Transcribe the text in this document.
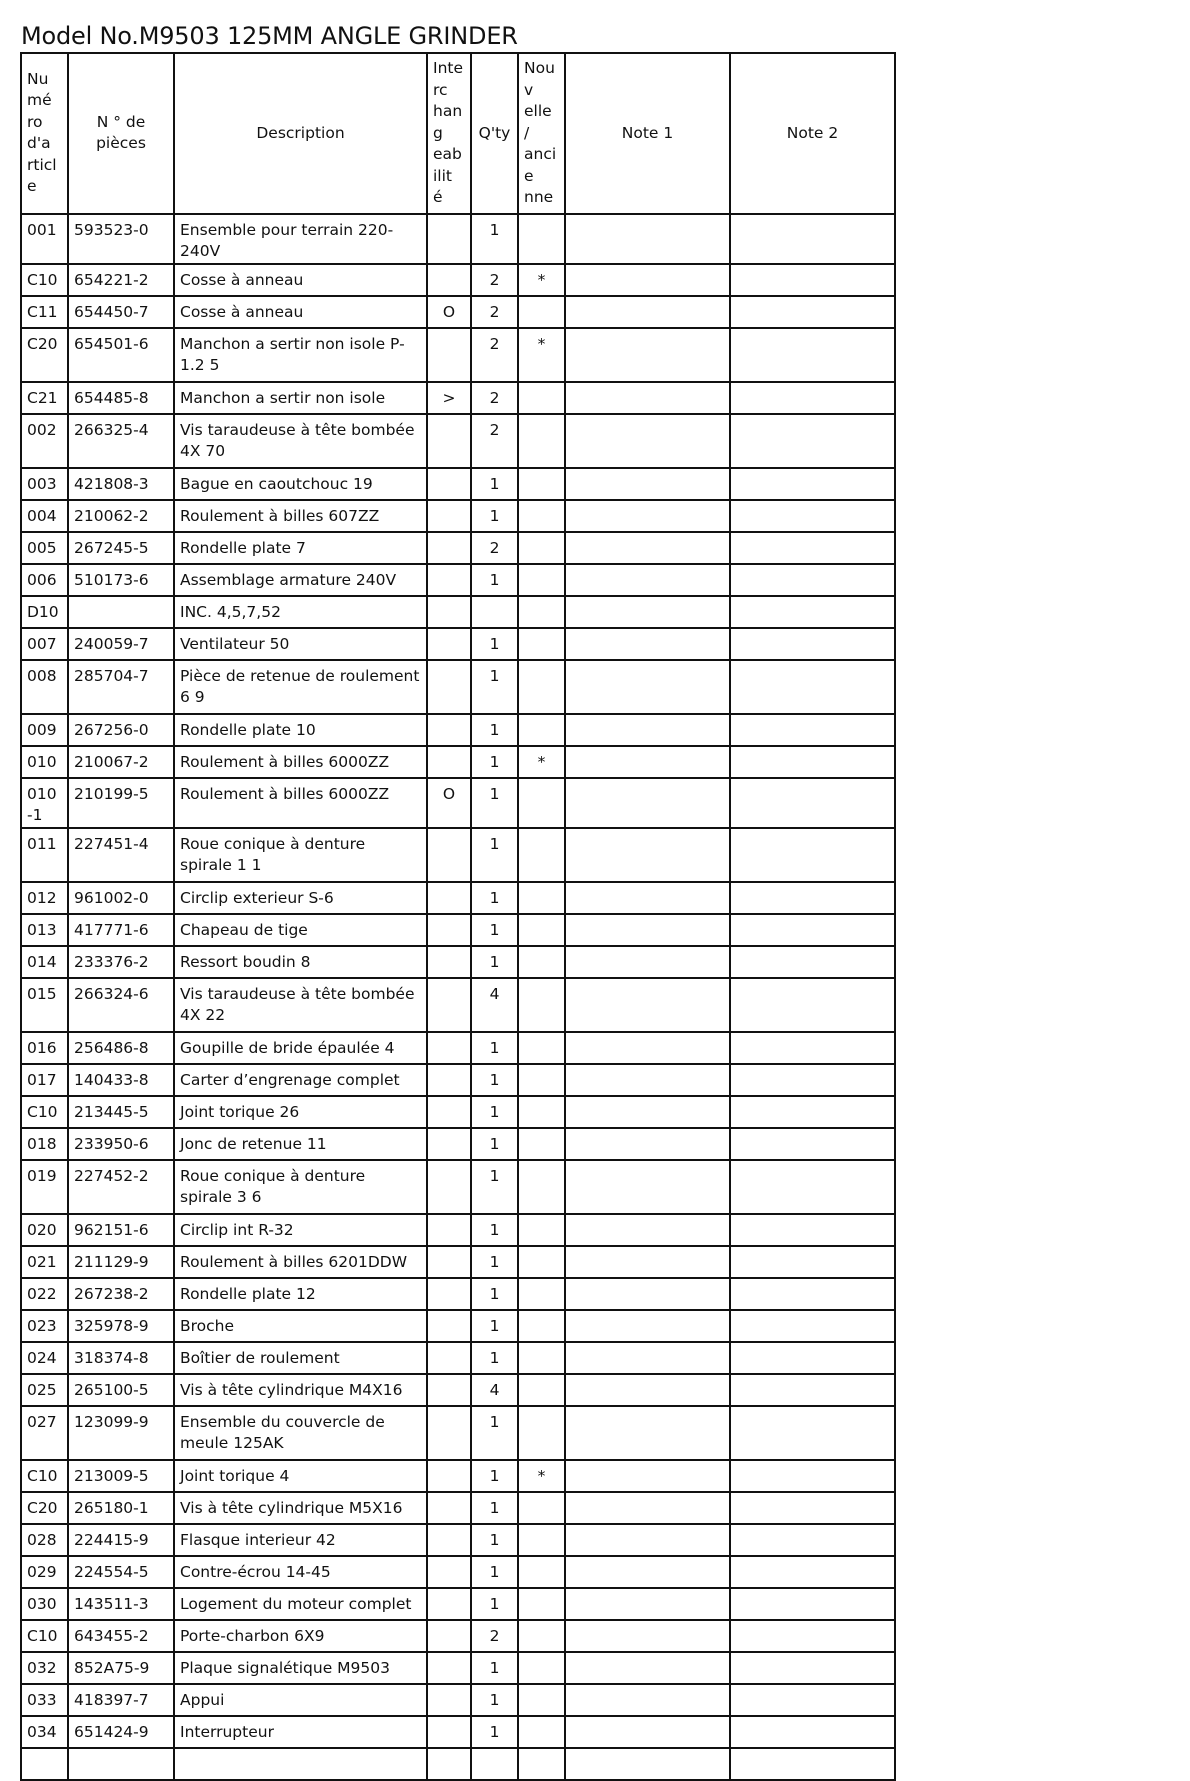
Model No.M9503 125MM ANGLE GRINDER
Numé ro d'a rticle	N ° de pièces	Description	Interc hang eabilit é	Q'ty	Nouv elle / ancie nne	Note 1	Note 2
001	593523-0	Ensemble pour terrain 220-240V		1			
C10	654221-2	Cosse à anneau		2	*		
C11	654450-7	Cosse à anneau	O	2			
C20	654501-6	Manchon a sertir non isole P-1.2 5		2	*		
C21	654485-8	Manchon a sertir non isole	>	2			
002	266325-4	Vis taraudeuse à tête bombée 4X 70		2			
003	421808-3	Bague en caoutchouc 19		1			
004	210062-2	Roulement à billes 607ZZ		1			
005	267245-5	Rondelle plate 7		2			
006	510173-6	Assemblage armature 240V		1			
D10		INC. 4,5,7,52					
007	240059-7	Ventilateur 50		1			
008	285704-7	Pièce de retenue de roulement 6 9		1			
009	267256-0	Rondelle plate 10		1			
010	210067-2	Roulement à billes 6000ZZ		1	*		
010-1	210199-5	Roulement à billes 6000ZZ	O	1			
011	227451-4	Roue conique à denture spirale 1 1		1			
012	961002-0	Circlip exterieur S-6		1			
013	417771-6	Chapeau de tige		1			
014	233376-2	Ressort boudin 8		1			
015	266324-6	Vis taraudeuse à tête bombée 4X 22		4			
016	256486-8	Goupille de bride épaulée 4		1			
017	140433-8	Carter d’engrenage complet		1			
C10	213445-5	Joint torique 26		1			
018	233950-6	Jonc de retenue 11		1			
019	227452-2	Roue conique à denture spirale 3 6		1			
020	962151-6	Circlip int R-32		1			
021	211129-9	Roulement à billes 6201DDW		1			
022	267238-2	Rondelle plate 12		1			
023	325978-9	Broche		1			
024	318374-8	Boîtier de roulement		1			
025	265100-5	Vis à tête cylindrique M4X16		4			
027	123099-9	Ensemble du couvercle de meule 125AK		1			
C10	213009-5	Joint torique 4		1	*		
C20	265180-1	Vis à tête cylindrique M5X16		1			
028	224415-9	Flasque interieur 42		1			
029	224554-5	Contre-écrou 14-45		1			
030	143511-3	Logement du moteur complet		1			
C10	643455-2	Porte-charbon 6X9		2			
032	852A75-9	Plaque signalétique M9503		1			
033	418397-7	Appui		1			
034	651424-9	Interrupteur		1			
